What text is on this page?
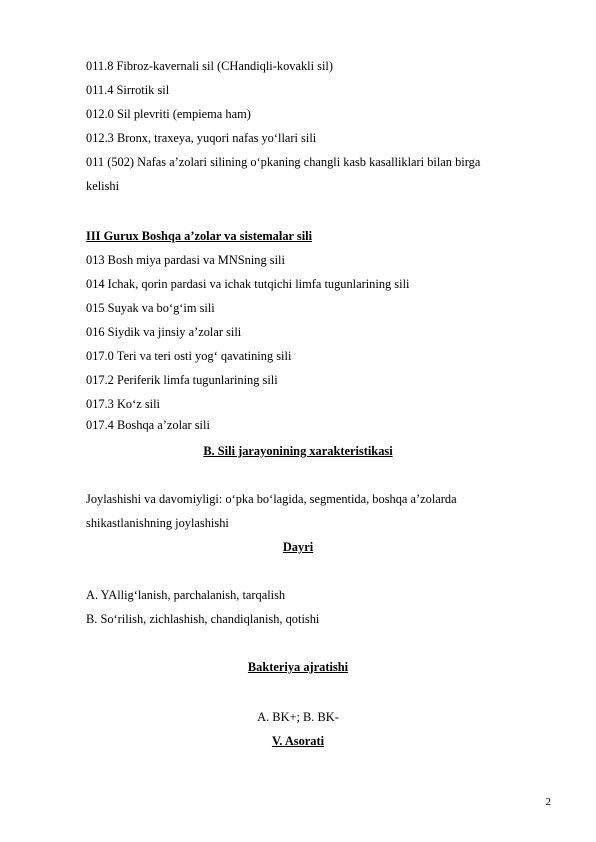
011.8 Fibroz-kavernali sil (CHandiqli-kovakli sil)
011.4 Sirrotik sil
012.0 Sil plevriti (empiema ham)
012.3 Bronx, traxeya, yuqori nafas yo‘llari sili
011 (502) Nafas a’zolari silining o‘pkaning changli kasb kasalliklari bilan birga
kelishi
III Gurux Boshqa a’zolar va sistemalar sili
013 Bosh miya pardasi va MNSning sili
014 Ichak, qorin pardasi va ichak tutqichi limfa tugunlarining sili
015 Suyak va bo‘g‘im sili
016 Siydik va jinsiy a’zolar sili
017.0 Teri va teri osti yog‘ qavatining sili
017.2 Periferik limfa tugunlarining sili
017.3 Ko‘z sili
017.4 Boshqa a’zolar sili
B. Sili jarayonining xarakteristikasi
Joylashishi va davomiyligi: o‘pka bo‘lagida, segmentida, boshqa a’zolarda
shikastlanishning joylashishi
Dayri
A. YAllig‘lanish, parchalanish, tarqalish
B. So‘rilish, zichlashish, chandiqlanish, qotishi
Bakteriya ajratishi
A. BK+; B. BK-
V. Asorati
2
